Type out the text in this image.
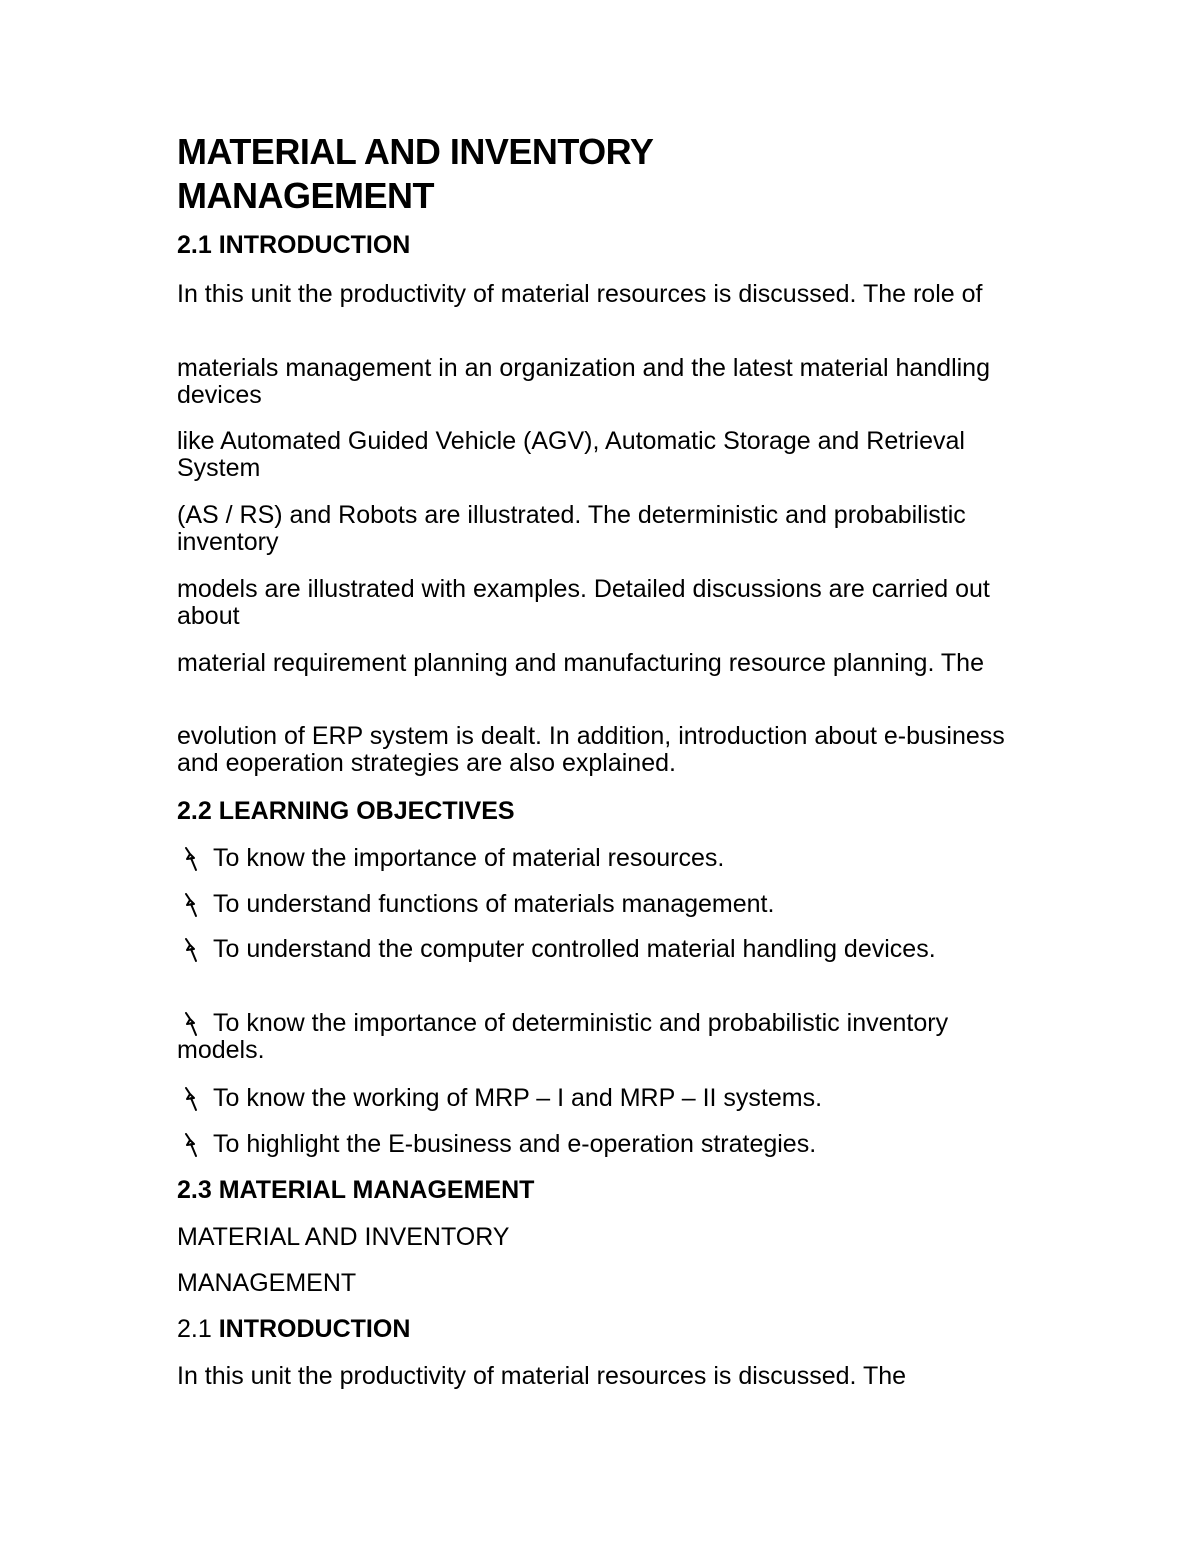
MATERIAL AND INVENTORY
MANAGEMENT
2.1 INTRODUCTION
In this unit the productivity of material resources is discussed. The role of
materials management in an organization and the latest material handling devices
like Automated Guided Vehicle (AGV), Automatic Storage and Retrieval System
(AS / RS) and Robots are illustrated. The deterministic and probabilistic inventory
models are illustrated with examples. Detailed discussions are carried out about
material requirement planning and manufacturing resource planning. The
evolution of ERP system is dealt. In addition, introduction about e-business and eoperation strategies are also explained.
2.2 LEARNING OBJECTIVES
To know the importance of material resources.
To understand functions of materials management.
To understand the computer controlled material handling devices.
To know the importance of deterministic and probabilistic inventory models.
To know the working of MRP – I and MRP – II systems.
To highlight the E-business and e-operation strategies.
2.3 MATERIAL MANAGEMENT
MATERIAL AND INVENTORY
MANAGEMENT
2.1 INTRODUCTION
In this unit the productivity of material resources is discussed. The
